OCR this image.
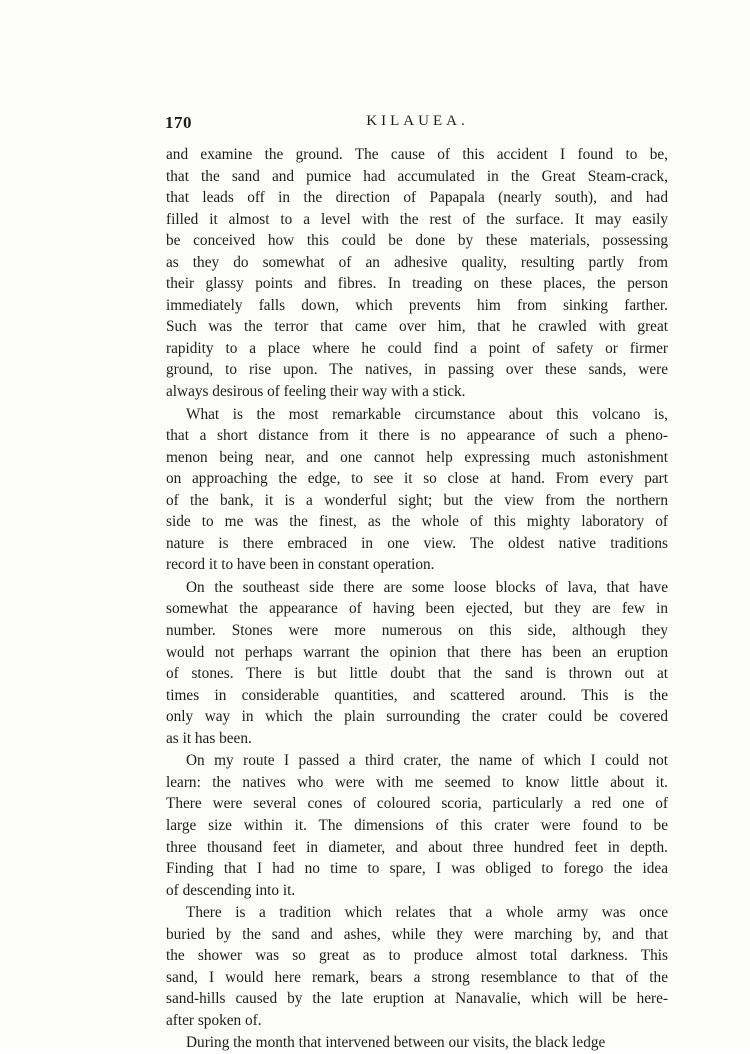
170	KILAUEA.

and examine the ground. The cause of this accident I found to be,
that the sand and pumice had accumulated in the Great Steam-crack,
that leads off in the direction of Papapala (nearly south), and had
filled it almost to a level with the rest of the surface. It may easily
be conceived how this could be done by these materials, possessing
as they do somewhat of an adhesive quality, resulting partly from
their glassy points and fibres. In treading on these places, the person
immediately falls down, which prevents him from sinking farther.
Such was the terror that came over him, that he crawled with great
rapidity to a place where he could find a point of safety or firmer
ground, to rise upon. The natives, in passing over these sands, were
always desirous of feeling their way with a stick.

What is the most remarkable circumstance about this volcano is,
that a short distance from it there is no appearance of such a pheno-
menon being near, and one cannot help expressing much astonishment
on approaching the edge, to see it so close at hand. From every part
of the bank, it is a wonderful sight; but the view from the northern
side to me was the finest, as the whole of this mighty laboratory of
nature is there embraced in one view. The oldest native traditions
record it to have been in constant operation.

On the southeast side there are some loose blocks of lava, that have
somewhat the appearance of having been ejected, but they are few in
number. Stones were more numerous on this side, although they
would not perhaps warrant the opinion that there has been an eruption
of stones. There is but little doubt that the sand is thrown out at
times in considerable quantities, and scattered around. This is the
only way in which the plain surrounding the crater could be covered
as it has been.

On my route I passed a third crater, the name of which I could not
learn: the natives who were with me seemed to know little about it.
There were several cones of coloured scoria, particularly a red one of
large size within it. The dimensions of this crater were found to be
three thousand feet in diameter, and about three hundred feet in depth.
Finding that I had no time to spare, I was obliged to forego the idea
of descending into it.

There is a tradition which relates that a whole army was once
buried by the sand and ashes, while they were marching by, and that
the shower was so great as to produce almost total darkness. This
sand, I would here remark, bears a strong resemblance to that of the
sand-hills caused by the late eruption at Nanavalie, which will be here-
after spoken of.

During the month that intervened between our visits, the black ledge
